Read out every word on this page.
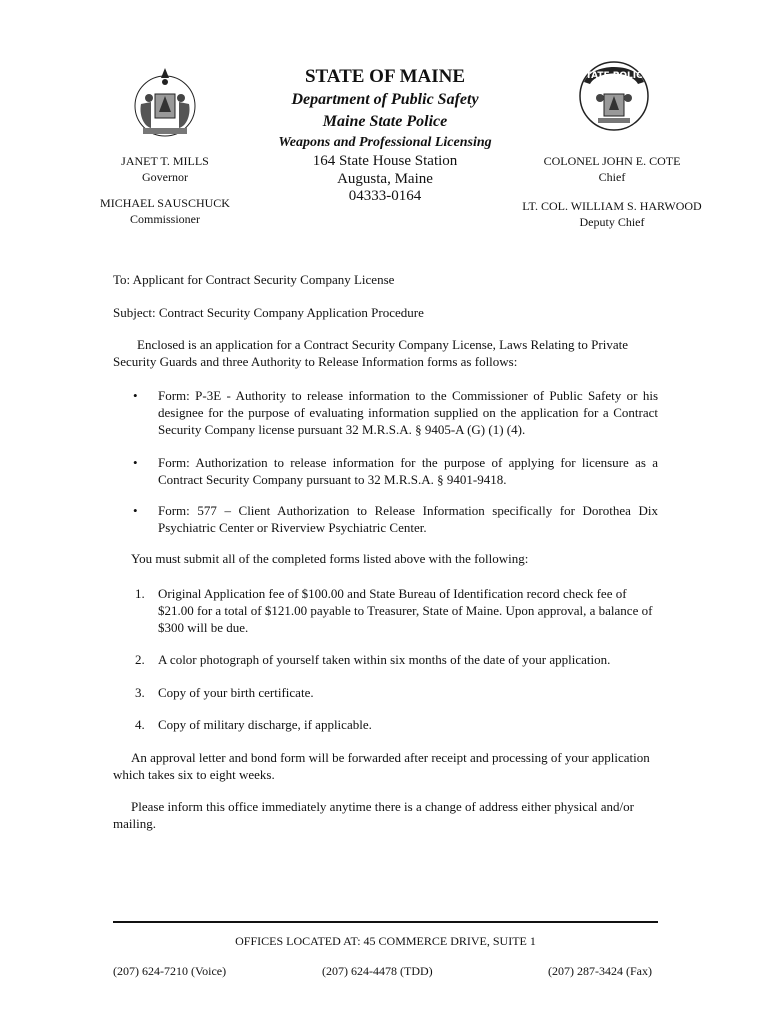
STATE POLICE
STATE OF MAINE
Department of Public Safety
Maine State Police
Weapons and Professional Licensing
164 State House Station
Augusta, Maine
04333-0164
JANET T. MILLS
Governor
MICHAEL SAUSCHUCK
Commissioner
COLONEL JOHN E. COTE
Chief
LT. COL. WILLIAM S. HARWOOD
Deputy Chief
To: Applicant for Contract Security Company License
Subject: Contract Security Company Application Procedure
Enclosed is an application for a Contract Security Company License, Laws Relating to Private Security Guards and three Authority to Release Information forms as follows:
• Form: P-3E - Authority to release information to the Commissioner of Public Safety or his designee for the purpose of evaluating information supplied on the application for a Contract Security Company license pursuant 32 M.R.S.A. § 9405-A (G) (1) (4).
• Form: Authorization to release information for the purpose of applying for licensure as a Contract Security Company pursuant to 32 M.R.S.A. § 9401-9418.
• Form: 577 – Client Authorization to Release Information specifically for Dorothea Dix Psychiatric Center or Riverview Psychiatric Center.
You must submit all of the completed forms listed above with the following:
1. Original Application fee of $100.00 and State Bureau of Identification record check fee of $21.00 for a total of $121.00 payable to Treasurer, State of Maine. Upon approval, a balance of $300 will be due.
2. A color photograph of yourself taken within six months of the date of your application.
3. Copy of your birth certificate.
4. Copy of military discharge, if applicable.
An approval letter and bond form will be forwarded after receipt and processing of your application which takes six to eight weeks.
Please inform this office immediately anytime there is a change of address either physical and/or mailing.
OFFICES LOCATED AT: 45 COMMERCE DRIVE, SUITE 1
(207) 624-7210 (Voice)	(207) 624-4478 (TDD)	(207) 287-3424 (Fax)
